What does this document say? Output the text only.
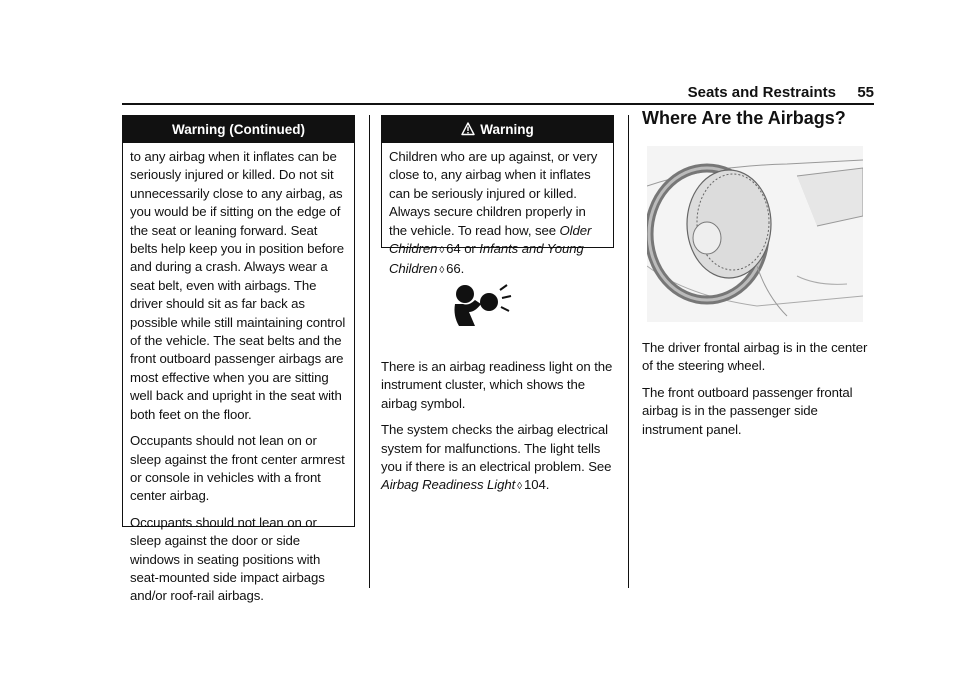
Seats and Restraints 55
Warning (Continued)

to any airbag when it inflates can be seriously injured or killed. Do not sit unnecessarily close to any airbag, as you would be if sitting on the edge of the seat or leaning forward. Seat belts help keep you in position before and during a crash. Always wear a seat belt, even with airbags. The driver should sit as far back as possible while still maintaining control of the vehicle. The seat belts and the front outboard passenger airbags are most effective when you are sitting well back and upright in the seat with both feet on the floor.

Occupants should not lean on or sleep against the front center armrest or console in vehicles with a front center airbag.

Occupants should not lean on or sleep against the door or side windows in seating positions with seat-mounted side impact airbags and/or roof-rail airbags.

Warning

Children who are up against, or very close to, any airbag when it inflates can be seriously injured or killed. Always secure children properly in the vehicle. To read how, see Older Children ◊ 64 or Infants and Young Children ◊ 66.

There is an airbag readiness light on the instrument cluster, which shows the airbag symbol.

The system checks the airbag electrical system for malfunctions. The light tells you if there is an electrical problem. See Airbag Readiness Light ◊ 104.

Where Are the Airbags?

The driver frontal airbag is in the center of the steering wheel.

The front outboard passenger frontal airbag is in the passenger side instrument panel.
